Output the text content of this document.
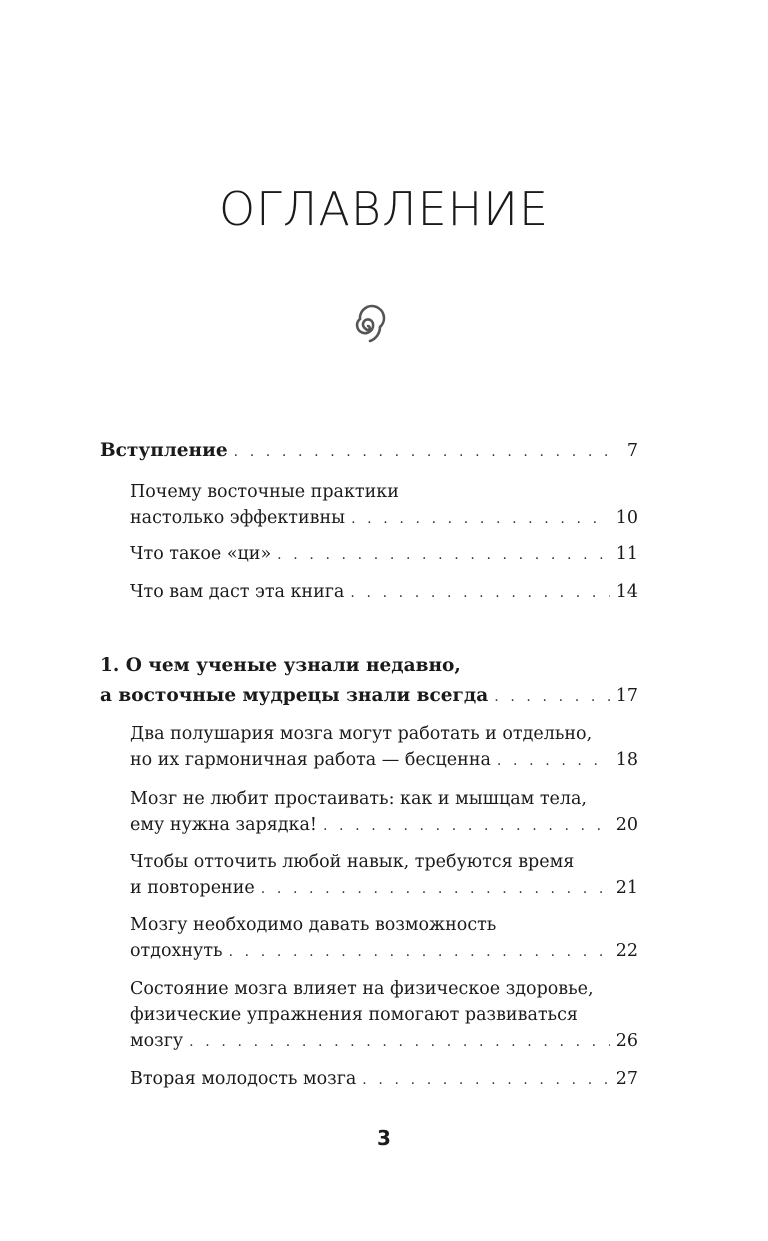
ОГЛАВЛЕНИЕ
Вступление . . .	7
Почему восточные практики
настолько эффективны . . .	10
Что такое «ци» . . .	11
Что вам даст эта книга . . .	14
1. О чем ученые узнали недавно,
а восточные мудрецы знали всегда . . .	17
Два полушария мозга могут работать и отдельно,
но их гармоничная работа — бесценна . . .	18
Мозг не любит простаивать: как и мышцам тела,
ему нужна зарядка! . . .	20
Чтобы отточить любой навык, требуются время
и повторение . . .	21
Мозгу необходимо давать возможность
отдохнуть . . .	22
Состояние мозга влияет на физическое здоровье,
физические упражнения помогают развиваться
мозгу . . .	26
Вторая молодость мозга . . .	27
3
